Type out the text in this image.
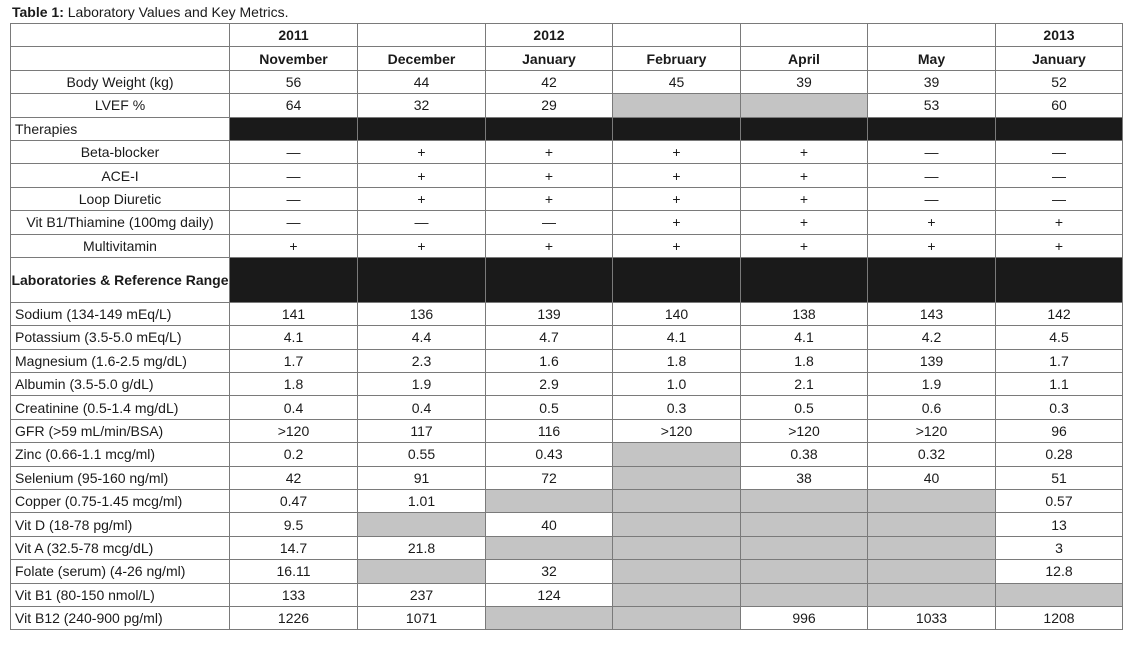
Table 1: Laboratory Values and Key Metrics.
	2011		2012				2013
	November	December	January	February	April	May	January
Body Weight (kg)	56	44	42	45	39	39	52
LVEF %	64	32	29			53	60
Therapies							
Beta-blocker	—	+	+	+	+	—	—
ACE-I	—	+	+	+	+	—	—
Loop Diuretic	—	+	+	+	+	—	—
Vit B1/Thiamine (100mg daily)	—	—	—	+	+	+	+
Multivitamin	+	+	+	+	+	+	+
Laboratories & Reference Range							
Sodium (134-149 mEq/L)	141	136	139	140	138	143	142
Potassium (3.5-5.0 mEq/L)	4.1	4.4	4.7	4.1	4.1	4.2	4.5
Magnesium (1.6-2.5 mg/dL)	1.7	2.3	1.6	1.8	1.8	139	1.7
Albumin (3.5-5.0 g/dL)	1.8	1.9	2.9	1.0	2.1	1.9	1.1
Creatinine (0.5-1.4 mg/dL)	0.4	0.4	0.5	0.3	0.5	0.6	0.3
GFR (>59 mL/min/BSA)	>120	117	116	>120	>120	>120	96
Zinc (0.66-1.1 mcg/ml)	0.2	0.55	0.43		0.38	0.32	0.28
Selenium (95-160 ng/ml)	42	91	72		38	40	51
Copper (0.75-1.45 mcg/ml)	0.47	1.01					0.57
Vit D (18-78 pg/ml)	9.5		40				13
Vit A (32.5-78 mcg/dL)	14.7	21.8					3
Folate (serum) (4-26 ng/ml)	16.11		32				12.8
Vit B1 (80-150 nmol/L)	133	237	124				
Vit B12 (240-900 pg/ml)	1226	1071			996	1033	1208
